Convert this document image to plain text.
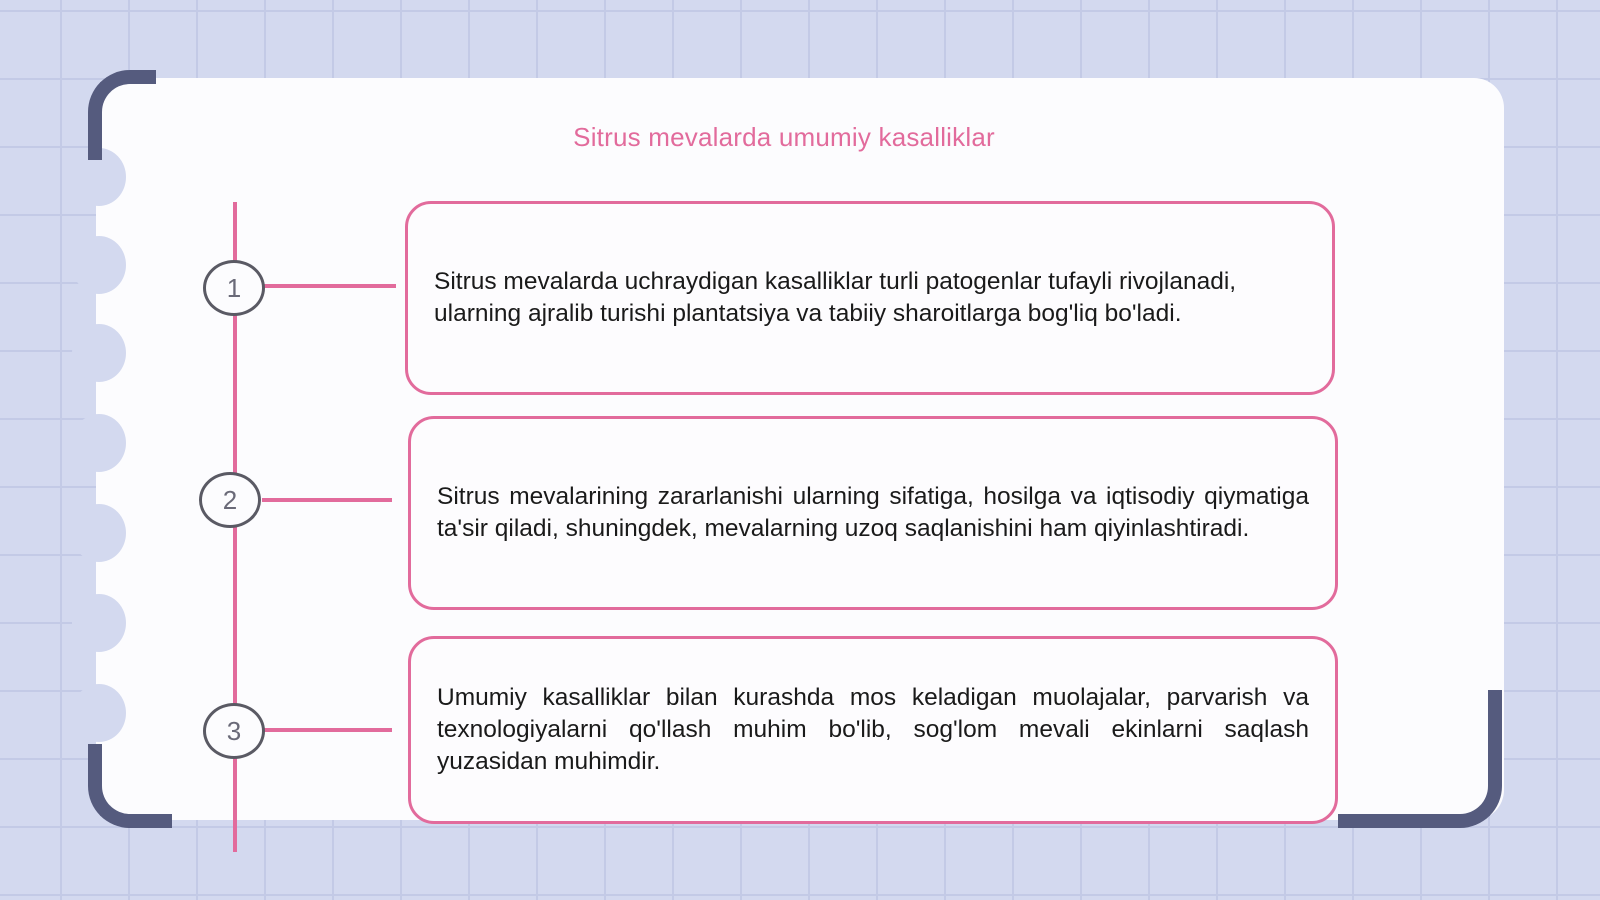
Sitrus mevalarda umumiy kasalliklar
1
2
3

Sitrus mevalarda uchraydigan kasalliklar turli patogenlar tufayli rivojlanadi, ularning ajralib turishi plantatsiya va tabiiy sharoitlarga bog'liq bo'ladi.

Sitrus mevalarining zararlanishi ularning sifatiga, hosilga va iqtisodiy qiymatiga ta'sir qiladi, shuningdek, mevalarning uzoq saqlanishini ham qiyinlashtiradi.

Umumiy kasalliklar bilan kurashda mos keladigan muolajalar, parvarish va texnologiyalarni qo'llash muhim bo'lib, sog'lom mevali ekinlarni saqlash yuzasidan muhimdir.
